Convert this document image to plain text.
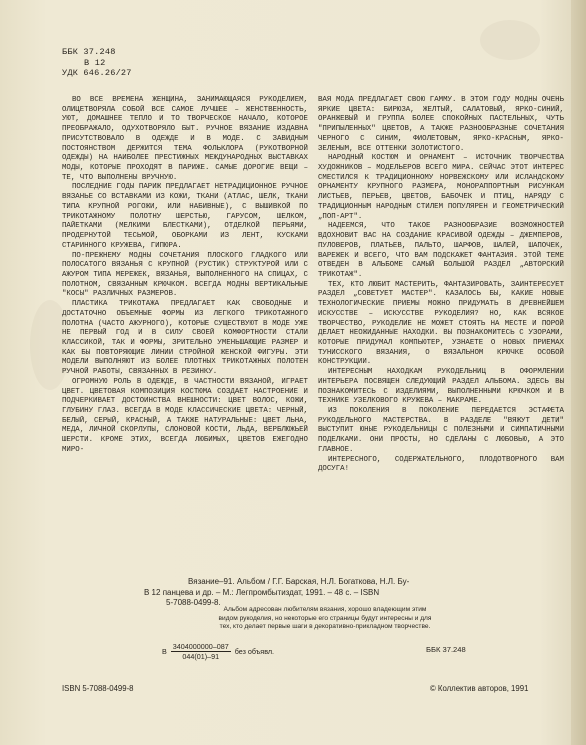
ББК 37.248
В 12
УДК 646.26/27

ВО ВСЕ ВРЕМЕНА ЖЕНЩИНА, ЗАНИМАЮЩАЯСЯ РУКОДЕЛИЕМ, ОЛИЦЕТВОРЯЛА СОБОЙ ВСЕ САМОЕ ЛУЧШЕЕ – ЖЕНСТВЕННОСТЬ, УЮТ, ДОМАШНЕЕ ТЕПЛО И ТО ТВОРЧЕСКОЕ НАЧАЛО, КОТОРОЕ ПРЕОБРАЖАЛО, ОДУХОТВОРЯЛО БЫТ. РУЧНОЕ ВЯЗАНИЕ ИЗДАВНА ПРИСУТСТВОВАЛО В ОДЕЖДЕ И В МОДЕ. С ЗАВИДНЫМ ПОСТОЯНСТВОМ ДЕРЖИТСЯ ТЕМА ФОЛЬКЛОРА (РУКОТВОРНОЙ ОДЕЖДЫ) НА НАИБОЛЕЕ ПРЕСТИЖНЫХ МЕЖДУНАРОДНЫХ ВЫСТАВКАХ МОДЫ, КОТОРЫЕ ПРОХОДЯТ В ПАРИЖЕ. САМЫЕ ДОРОГИЕ ВЕЩИ – ТЕ, ЧТО ВЫПОЛНЕНЫ ВРУЧНУЮ.

ПОСЛЕДНИЕ ГОДЫ ПАРИЖ ПРЕДЛАГАЕТ НЕТРАДИЦИОННОЕ РУЧНОЕ ВЯЗАНЬЕ СО ВСТАВКАМИ ИЗ КОЖИ, ТКАНИ (АТЛАС, ШЕЛК, ТКАНИ ТИПА КРУПНОЙ РОГОЖИ, ИЛИ НАБИВНЫЕ), С ВЫШИВКОЙ ПО ТРИКОТАЖНОМУ ПОЛОТНУ ШЕРСТЬЮ, ГАРУСОМ, ШЕЛКОМ, ПАЙЕТКАМИ (МЕЛКИМИ БЛЕСТКАМИ), ОТДЕЛКОЙ ПЕРЬЯМИ, ПРОДЕРНУТОЙ ТЕСЬМОЙ, ОБОРКАМИ ИЗ ЛЕНТ, КУСКАМИ СТАРИННОГО КРУЖЕВА, ГИПЮРА.

ПО-ПРЕЖНЕМУ МОДНЫ СОЧЕТАНИЯ ПЛОСКОГО ГЛАДКОГО ИЛИ ПОЛОСАТОГО ВЯЗАНЬЯ С КРУПНОЙ (РУСТИК) СТРУКТУРОЙ ИЛИ С АЖУРОМ ТИПА МЕРЕЖЕК, ВЯЗАНЬЯ, ВЫПОЛНЕННОГО НА СПИЦАХ, С ПОЛОТНОМ, СВЯЗАННЫМ КРЮЧКОМ. ВСЕГДА МОДНЫ ВЕРТИКАЛЬНЫЕ "КОСЫ" РАЗЛИЧНЫХ РАЗМЕРОВ.

ПЛАСТИКА ТРИКОТАЖА ПРЕДЛАГАЕТ КАК СВОБОДНЫЕ И ДОСТАТОЧНО ОБЪЕМНЫЕ ФОРМЫ ИЗ ЛЕГКОГО ТРИКОТАЖНОГО ПОЛОТНА (ЧАСТО АЖУРНОГО), КОТОРЫЕ СУЩЕСТВУЮТ В МОДЕ УЖЕ НЕ ПЕРВЫЙ ГОД И В СИЛУ СВОЕЙ КОМФОРТНОСТИ СТАЛИ КЛАССИКОЙ, ТАК И ФОРМЫ, ЗРИТЕЛЬНО УМЕНЬШАЮЩИЕ РАЗМЕР И КАК БЫ ПОВТОРЯЮЩИЕ ЛИНИИ СТРОЙНОЙ ЖЕНСКОЙ ФИГУРЫ. ЭТИ МОДЕЛИ ВЫПОЛНЯЮТ ИЗ БОЛЕЕ ПЛОТНЫХ ТРИКОТАЖНЫХ ПОЛОТЕН РУЧНОЙ РАБОТЫ, СВЯЗАННЫХ В РЕЗИНКУ.

ОГРОМНУЮ РОЛЬ В ОДЕЖДЕ, В ЧАСТНОСТИ ВЯЗАНОЙ, ИГРАЕТ ЦВЕТ. ЦВЕТОВАЯ КОМПОЗИЦИЯ КОСТЮМА СОЗДАЕТ НАСТРОЕНИЕ И ПОДЧЕРКИВАЕТ ДОСТОИНСТВА ВНЕШНОСТИ: ЦВЕТ ВОЛОС, КОЖИ, ГЛУБИНУ ГЛАЗ. ВСЕГДА В МОДЕ КЛАССИЧЕСКИЕ ЦВЕТА: ЧЕРНЫЙ, БЕЛЫЙ, СЕРЫЙ, КРАСНЫЙ, А ТАКЖЕ НАТУРАЛЬНЫЕ: ЦВЕТ ЛЬНА, МЕДА, ЛИЧНОЙ СКОРЛУПЫ, СЛОНОВОЙ КОСТИ, ЛЬДА, ВЕРБЛЮЖЬЕЙ ШЕРСТИ. КРОМЕ ЭТИХ, ВСЕГДА ЛЮБИМЫХ, ЦВЕТОВ ЕЖЕГОДНО МИРО-

ВАЯ МОДА ПРЕДЛАГАЕТ СВОЮ ГАММУ. В ЭТОМ ГОДУ МОДНЫ ОЧЕНЬ ЯРКИЕ ЦВЕТА: БИРЮЗА, ЖЕЛТЫЙ, САЛАТОВЫЙ, ЯРКО-СИНИЙ, ОРАНЖЕВЫЙ И ГРУППА БОЛЕЕ СПОКОЙНЫХ ПАСТЕЛЬНЫХ, ЧУТЬ "ПРИПЫЛЕННЫХ" ЦВЕТОВ, А ТАКЖЕ РАЗНООБРАЗНЫЕ СОЧЕТАНИЯ ЧЕРНОГО С СИНИМ, ФИОЛЕТОВЫМ, ЯРКО-КРАСНЫМ, ЯРКО-ЗЕЛЕНЫМ, ВСЕ ОТТЕНКИ ЗОЛОТИСТОГО.

НАРОДНЫЙ КОСТЮМ И ОРНАМЕНТ – ИСТОЧНИК ТВОРЧЕСТВА ХУДОЖНИКОВ – МОДЕЛЬЕРОВ ВСЕГО МИРА. СЕЙЧАС ЭТОТ ИНТЕРЕС СМЕСТИЛСЯ К ТРАДИЦИОННОМУ НОРВЕЖСКОМУ ИЛИ ИСЛАНДСКОМУ ОРНАМЕНТУ КРУПНОГО РАЗМЕРА, МОНОРАППОРТНЫМ РИСУНКАМ ЛИСТЬЕВ, ПЕРЬЕВ, ЦВЕТОВ, БАБОЧЕК И ПТИЦ, НАРЯДУ С ТРАДИЦИОННЫМ НАРОДНЫМ СТИЛЕМ ПОПУЛЯРЕН И ГЕОМЕТРИЧЕСКИЙ „ПОП-АРТ".

НАДЕЕМСЯ, ЧТО ТАКОЕ РАЗНООБРАЗИЕ ВОЗМОЖНОСТЕЙ ВДОХНОВИТ ВАС НА СОЗДАНИЕ КРАСИВОЙ ОДЕЖДЫ – ДЖЕМПЕРОВ, ПУЛОВЕРОВ, ПЛАТЬЕВ, ПАЛЬТО, ШАРФОВ, ШАЛЕЙ, ШАПОЧЕК, ВАРЕЖЕК И ВСЕГО, ЧТО ВАМ ПОДСКАЖЕТ ФАНТАЗИЯ. ЭТОЙ ТЕМЕ ОТВЕДЕН В АЛЬБОМЕ САМЫЙ БОЛЬШОЙ РАЗДЕЛ „АВТОРСКИЙ ТРИКОТАЖ".

ТЕХ, КТО ЛЮБИТ МАСТЕРИТЬ, ФАНТАЗИРОВАТЬ, ЗАИНТЕРЕСУЕТ РАЗДЕЛ „СОВЕТУЕТ МАСТЕР". КАЗАЛОСЬ БЫ, КАКИЕ НОВЫЕ ТЕХНОЛОГИЧЕСКИЕ ПРИЕМЫ МОЖНО ПРИДУМАТЬ В ДРЕВНЕЙШЕМ ИСКУССТВЕ – ИСКУССТВЕ РУКОДЕЛИЯ? НО, КАК ВСЯКОЕ ТВОРЧЕСТВО, РУКОДЕЛИЕ НЕ МОЖЕТ СТОЯТЬ НА МЕСТЕ И ПОРОЙ ДЕЛАЕТ НЕОЖИДАННЫЕ НАХОДКИ. ВЫ ПОЗНАКОМИТЕСЬ С УЗОРАМИ, КОТОРЫЕ ПРИДУМАЛ КОМПЬЮТЕР, УЗНАЕТЕ О НОВЫХ ПРИЕМАХ ТУНИССКОГО ВЯЗАНИЯ, О ВЯЗАЛЬНОМ КРЮЧКЕ ОСОБОЙ КОНСТРУКЦИИ.

ИНТЕРЕСНЫМ НАХОДКАМ РУКОДЕЛЬНИЦ В ОФОРМЛЕНИИ ИНТЕРЬЕРА ПОСВЯЩЕН СЛЕДУЮЩИЙ РАЗДЕЛ АЛЬБОМА. ЗДЕСЬ ВЫ ПОЗНАКОМИТЕСЬ С ИЗДЕЛИЯМИ, ВЫПОЛНЕННЫМИ КРЮЧКОМ И В ТЕХНИКЕ УЗЕЛКОВОГО КРУЖЕВА – МАКРАМЕ.

ИЗ ПОКОЛЕНИЯ В ПОКОЛЕНИЕ ПЕРЕДАЕТСЯ ЭСТАФЕТА РУКОДЕЛЬНОГО МАСТЕРСТВА. В РАЗДЕЛЕ "ВЯЖУТ ДЕТИ" ВЫСТУПИТ ЮНЫЕ РУКОДЕЛЬНИЦЫ С ПОЛЕЗНЫМИ И СИМПАТИЧНЫМИ ПОДЕЛКАМИ. ОНИ ПРОСТЫ, НО СДЕЛАНЫ С ЛЮБОВЬЮ, А ЭТО ГЛАВНОЕ.

ИНТЕРЕСНОГО, СОДЕРЖАТЕЛЬНОГО, ПЛОДОТВОРНОГО ВАМ ДОСУГА!

Вязание–91. Альбом / Г.Г. Барская, Н.Л. Богаткова, Н.Л. Бу-
В 12 панцева и др. – М.: Легпромбытиздат, 1991. – 48 с. – ISBN
5-7088-0499-8.
Альбом адресован любителям вязания, хорошо владеющим этим
видом рукоделия, но некоторые его страницы будут интересны и для
тех, кто делает первые шаги в декоративно-прикладном творчестве.
В $\frac{3404000000-087}{044(01)-91}$ без объявл.	ББК 37.248
ISBN 5-7088-0499-8	© Коллектив авторов, 1991
